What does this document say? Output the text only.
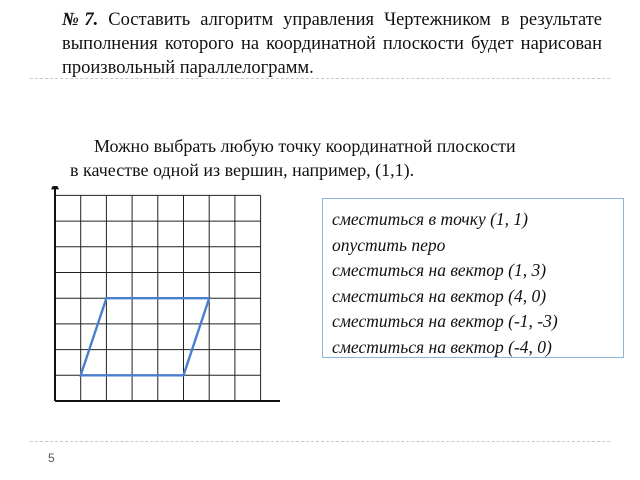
№7. Составить алгоритм управления Чертежником в результате выполнения которого на координатной плоскости будет нарисован произвольный параллелограмм.
Можно выбрать любую точку координатной плоскости
в качестве одной из вершин, например, (1,1).
сместиться в точку (1, 1)
опустить перо
сместиться на вектор (1, 3)
сместиться на вектор (4, 0)
сместиться на вектор (-1, -3)
сместиться на вектор (-4, 0)
5
